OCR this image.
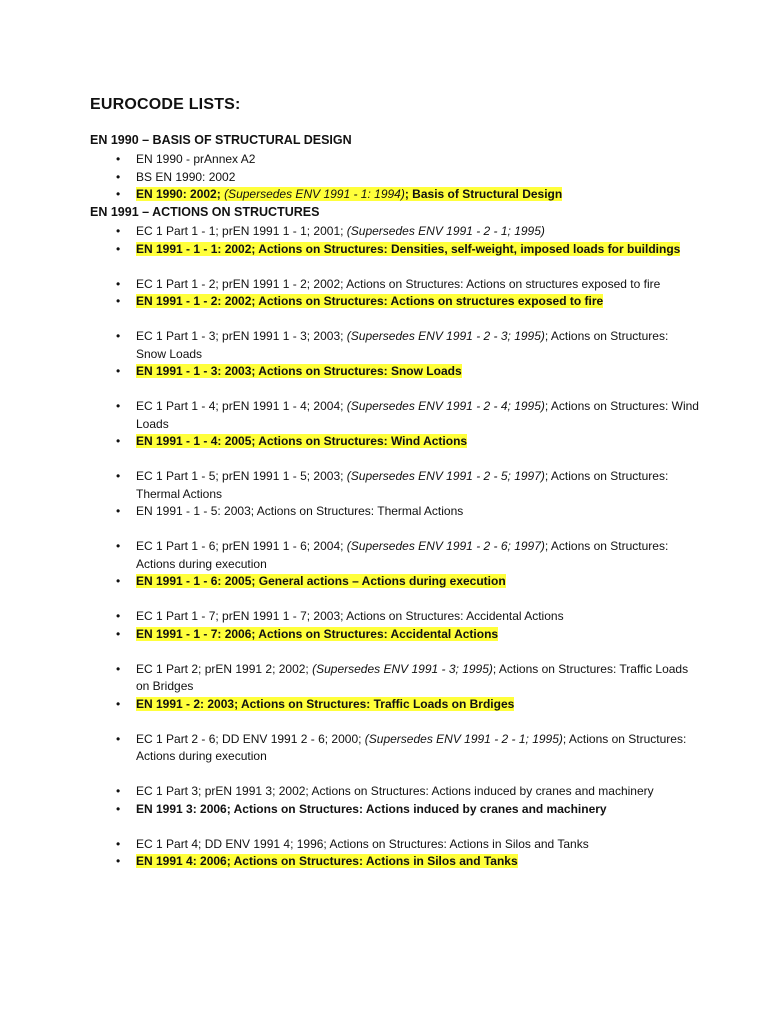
EUROCODE LISTS:
EN 1990 – BASIS OF STRUCTURAL DESIGN
• EN 1990 - prAnnex A2
• BS EN 1990: 2002
• EN 1990: 2002; (Supersedes ENV 1991 - 1: 1994); Basis of Structural Design
EN 1991 – ACTIONS ON STRUCTURES
• EC 1 Part 1 - 1; prEN 1991 1 - 1; 2001; (Supersedes ENV 1991 - 2 - 1; 1995)
• EN 1991 - 1 - 1: 2002; Actions on Structures: Densities, self-weight, imposed loads for buildings
• EC 1 Part 1 - 2; prEN 1991 1 - 2; 2002; Actions on Structures: Actions on structures exposed to fire
• EN 1991 - 1 - 2: 2002; Actions on Structures: Actions on structures exposed to fire
• EC 1 Part 1 - 3; prEN 1991 1 - 3; 2003; (Supersedes ENV 1991 - 2 - 3; 1995); Actions on Structures: Snow Loads
• EN 1991 - 1 - 3: 2003; Actions on Structures: Snow Loads
• EC 1 Part 1 - 4; prEN 1991 1 - 4; 2004; (Supersedes ENV 1991 - 2 - 4; 1995); Actions on Structures: Wind Loads
• EN 1991 - 1 - 4: 2005; Actions on Structures: Wind Actions
• EC 1 Part 1 - 5; prEN 1991 1 - 5; 2003; (Supersedes ENV 1991 - 2 - 5; 1997); Actions on Structures: Thermal Actions
• EN 1991 - 1 - 5: 2003; Actions on Structures: Thermal Actions
• EC 1 Part 1 - 6; prEN 1991 1 - 6; 2004; (Supersedes ENV 1991 - 2 - 6; 1997); Actions on Structures: Actions during execution
• EN 1991 - 1 - 6: 2005; General actions – Actions during execution
• EC 1 Part 1 - 7; prEN 1991 1 - 7; 2003; Actions on Structures: Accidental Actions
• EN 1991 - 1 - 7: 2006; Actions on Structures: Accidental Actions
• EC 1 Part 2; prEN 1991 2; 2002; (Supersedes ENV 1991 - 3; 1995); Actions on Structures: Traffic Loads on Bridges
• EN 1991 - 2: 2003; Actions on Structures: Traffic Loads on Brdiges
• EC 1 Part 2 - 6; DD ENV 1991 2 - 6; 2000; (Supersedes ENV 1991 - 2 - 1; 1995); Actions on Structures: Actions during execution
• EC 1 Part 3; prEN 1991 3; 2002; Actions on Structures: Actions induced by cranes and machinery
• EN 1991 3: 2006; Actions on Structures: Actions induced by cranes and machinery
• EC 1 Part 4; DD ENV 1991 4; 1996; Actions on Structures: Actions in Silos and Tanks
• EN 1991 4: 2006; Actions on Structures: Actions in Silos and Tanks
